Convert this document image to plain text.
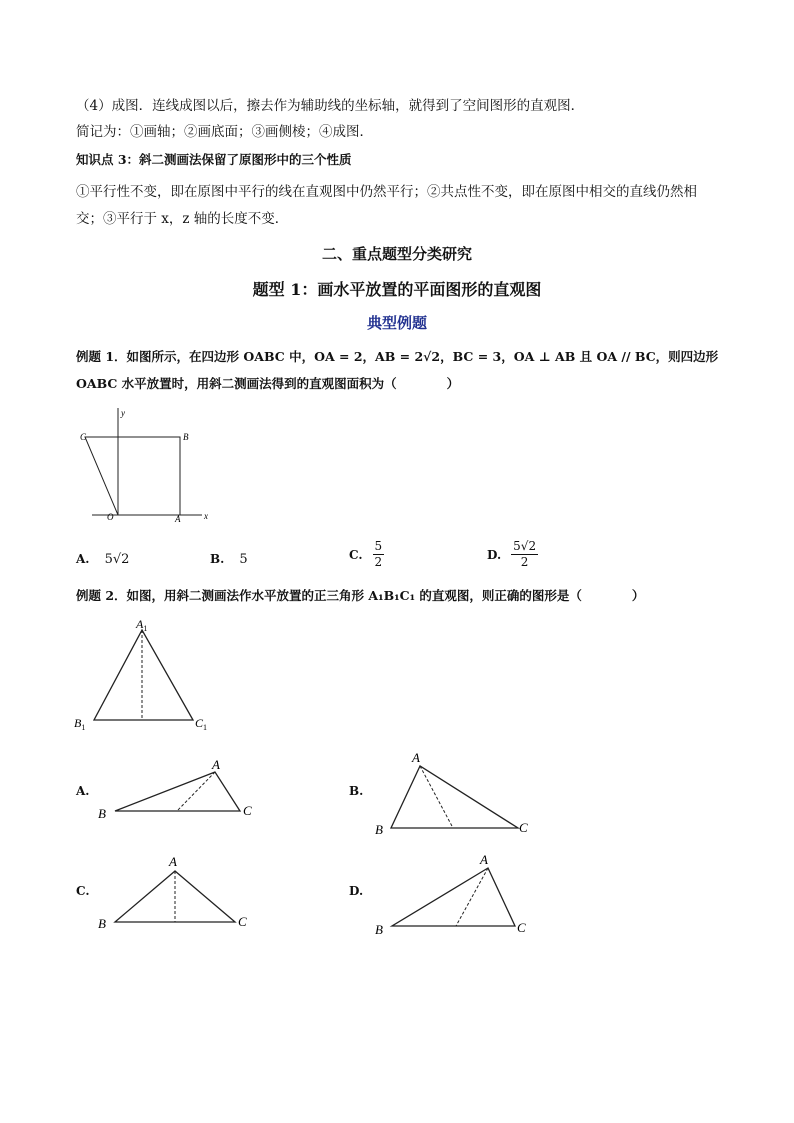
（4）成图．连线成图以后，擦去作为辅助线的坐标轴，就得到了空间图形的直观图．
简记为：①画轴；②画底面；③画侧棱；④成图．
知识点 3：斜二测画法保留了原图形中的三个性质
①平行性不变，即在原图中平行的线在直观图中仍然平行；②共点性不变，即在原图中相交的直线仍然相
交；③平行于 x，z 轴的长度不变．
二、重点题型分类研究
题型 1：画水平放置的平面图形的直观图
典型例题
例题 1．如图所示，在四边形 OABC 中，OA = 2，AB = 2√2，BC = 3，OA ⊥ AB 且 OA // BC，则四边形
OABC 水平放置时，用斜二测画法得到的直观图面积为（　　　　）
C	B
O	A	x
y
A. 5√2	B. 5	C. $\frac{5}{2}$	D. $\frac{5√2}{2}$
例题 2．如图，用斜二测画法作水平放置的正三角形 A₁B₁C₁ 的直观图，则正确的图形是（　　　　）
$A_1$
$B_1$	$C_1$
A.
A
B	C
B.
A
B	C
C.
A
B	C
D.
A
B	C
